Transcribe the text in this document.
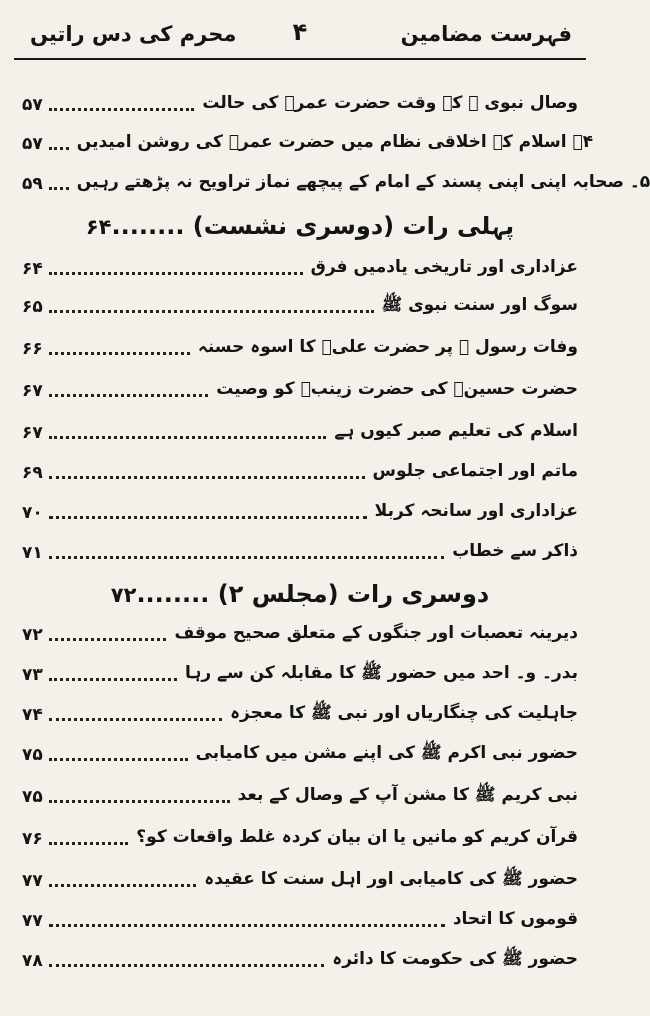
محرم کی دس راتیں	۴	فہرست مضامین
۵۷	وصال نبوی ﷺ کے وقت حضرت عمرؓ کی حالت
۵۷ ۴۔ اسلام کے اخلاقی نظام میں حضرت عمرؓ کی روشن امیدیں
۵۹ ۵۔ صحابہ اپنی اپنی پسند کے امام کے پیچھے نماز تراویح نہ پڑھتے رہیں
پہلی رات (دوسری نشست) ........۶۴
۶۴	عزاداری اور تاریخی یادمیں فرق
۶۵	سوگ اور سنت نبوی ﷺ
۶۶	وفات رسول ﷺ پر حضرت علیؓ کا اسوہ حسنہ
۶۷	حضرت حسینؓ کی حضرت زینبؓ کو وصیت
۶۷	اسلام کی تعلیم صبر کیوں ہے
۶۹	ماتم اور اجتماعی جلوس
۷۰	عزاداری اور سانحہ کربلا
۷۱	ذاکر سے خطاب
دوسری رات (مجلس ۲) ........۷۲
۷۲	دیرینہ تعصبات اور جنگوں کے متعلق صحیح موقف
۷۳	بدر۔ و۔ احد میں حضور ﷺ کا مقابلہ کن سے رہا
۷۴	جاہلیت کی چنگاریاں اور نبی ﷺ کا معجزہ
۷۵	حضور نبی اکرم ﷺ کی اپنے مشن میں کامیابی
۷۵	نبی کریم ﷺ کا مشن آپ کے وصال کے بعد
۷۶	قرآن کریم کو مانیں یا ان بیان کردہ غلط واقعات کو؟
۷۷	حضور ﷺ کی کامیابی اور اہل سنت کا عقیدہ
۷۷	قوموں کا اتحاد
۷۸	حضور ﷺ کی حکومت کا دائرہ
